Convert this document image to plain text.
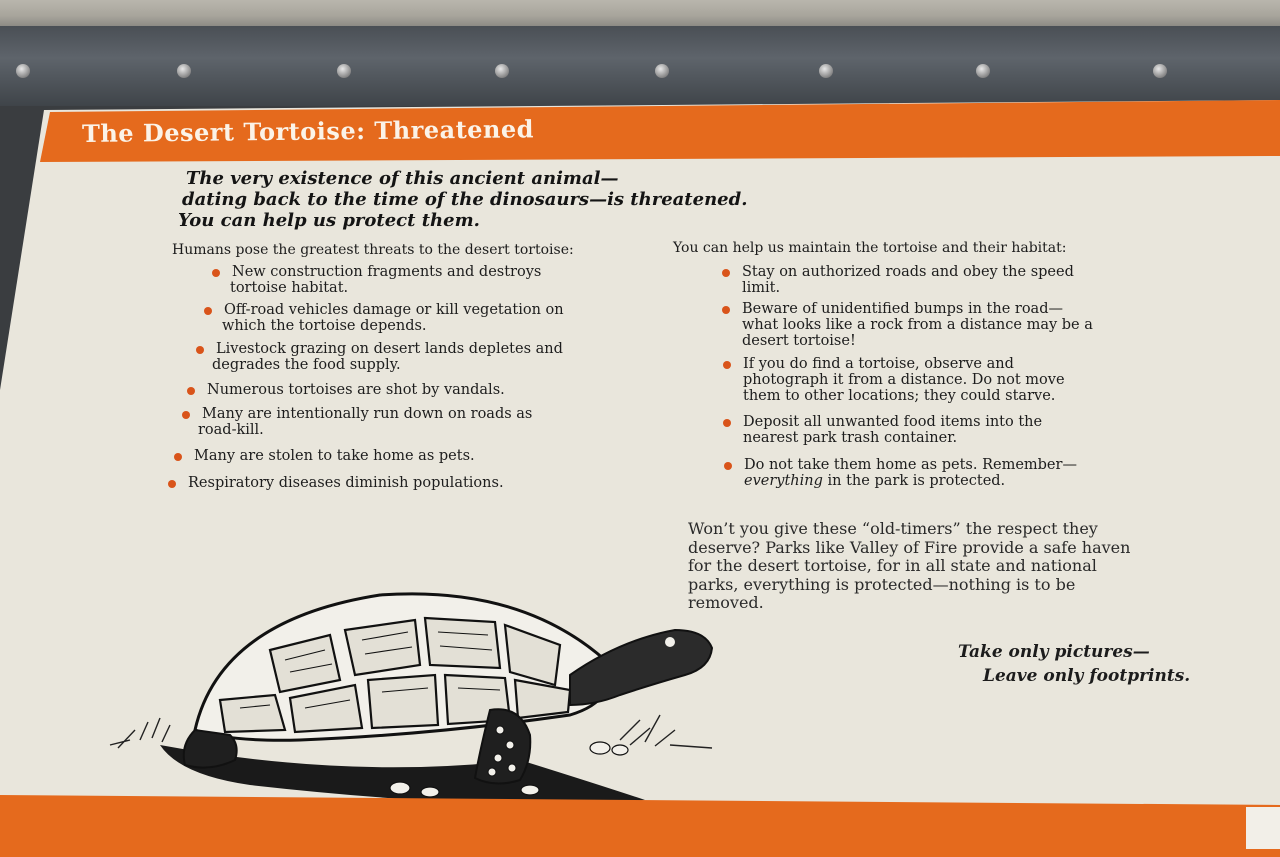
The Desert Tortoise: Threatened
The very existence of this ancient animal—
dating back to the time of the dinosaurs—is threatened.
You can help us protect them.
Humans pose the greatest threats to the desert tortoise:
New construction fragments and destroys
tortoise habitat.
Off-road vehicles damage or kill vegetation on
which the tortoise depends.
Livestock grazing on desert lands depletes and
degrades the food supply.
Numerous tortoises are shot by vandals.
Many are intentionally run down on roads as
road-kill.
Many are stolen to take home as pets.
Respiratory diseases diminish populations.
You can help us maintain the tortoise and their habitat:
Stay on authorized roads and obey the speed
limit.
Beware of unidentified bumps in the road—
what looks like a rock from a distance may be a
desert tortoise!
If you do find a tortoise, observe and
photograph it from a distance. Do not move
them to other locations; they could starve.
Deposit all unwanted food items into the
nearest park trash container.
Do not take them home as pets. Remember—
everything in the park is protected.
Won’t you give these “old-timers” the respect they
deserve? Parks like Valley of Fire provide a safe haven
for the desert tortoise, for in all state and national
parks, everything is protected—nothing is to be
removed.
Take only pictures—
Leave only footprints.
